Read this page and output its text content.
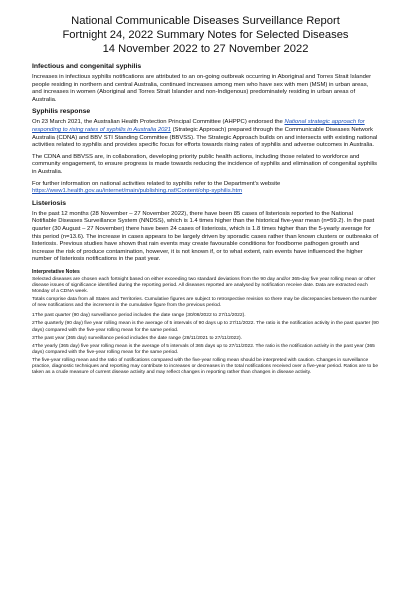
National Communicable Diseases Surveillance Report
Fortnight 24, 2022 Summary Notes for Selected Diseases
14 November 2022 to 27 November 2022
Infectious and congenital syphilis

Increases in infectious syphilis notifications are attributed to an on-going outbreak occurring in Aboriginal and Torres Strait Islander people residing in northern and central Australia, continued increases among men who have sex with men (MSM) in urban areas, and increases in women (Aboriginal and Torres Strait Islander and non-Indigenous) predominately residing in urban areas of Australia.

Syphilis response

On 23 March 2021, the Australian Health Protection Principal Committee (AHPPC) endorsed the National strategic approach for responding to rising rates of syphilis in Australia 2021 (Strategic Approach) prepared through the Communicable Diseases Network Australia (CDNA) and BBV STI Standing Committee (BBVSS). The Strategic Approach builds on and intersects with existing national activities related to syphilis and provides specific focus for efforts towards rising rates of syphilis and adverse outcomes in Australia.

The CDNA and BBVSS are, in collaboration, developing priority public health actions, including those related to workforce and community engagement, to ensure progress is made towards reducing the incidence of syphilis and elimination of congenital syphilis in Australia.

For further information on national activities related to syphilis refer to the Department's website https://www1.health.gov.au/internet/main/publishing.nsf/Content/ohp-syphilis.htm

Listeriosis

In the past 12 months (28 November – 27 November 2022), there have been 85 cases of listeriosis reported to the National Notifiable Diseases Surveillance System (NNDSS), which is 1.4 times higher than the historical five-year mean (n=59.2). In the past quarter (30 August – 27 November) there have been 24 cases of listeriosis, which is 1.8 times higher than the 5-yearly average for this period (n=13.6). The increase in cases appears to be largely driven by sporadic cases rather than known clusters or outbreaks of listeriosis. Previous studies have shown that rain events may create favourable conditions for foodborne pathogen growth and increase the risk of produce contamination, however, it is not known if, or to what extent, rain events have influenced the higher number of listeriosis notifications in the past year.

Interpretative Notes

Selected diseases are chosen each fortnight based on either exceeding two standard deviations from the 90 day and/or 365-day five year rolling mean or other disease issues of significance identified during the reporting period. All diseases reported are analysed by notification receive date. Data are extracted each Monday of a CDNA week.

Totals comprise data from all States and Territories. Cumulative figures are subject to retrospective revision so there may be discrepancies between the number of new notifications and the increment in the cumulative figure from the previous period.

1The past quarter (90 day) surveillance period includes the date range (30/08/2022 to 27/11/2022).

2The quarterly (90 day) five year rolling mean is the average of 5 intervals of 90 days up to 27/11/2022. The ratio is the notification activity in the past quarter (90 days) compared with the five-year rolling mean for the same period.

3The past year (365 day) surveillance period includes the date range (28/11/2021 to 27/11/2022).

4The yearly (365 day) five year rolling mean is the average of 5 intervals of 365 days up to 27/11/2022. The ratio is the notification activity in the past year (365 days) compared with the five-year rolling mean for the same period.

The five-year rolling mean and the ratio of notifications compared with the five-year rolling mean should be interpreted with caution. Changes in surveillance practice, diagnostic techniques and reporting may contribute to increases or decreases in the total notifications received over a five-year period. Ratios are to be taken as a crude measure of current disease activity and may reflect changes in reporting rather than changes in disease activity.
